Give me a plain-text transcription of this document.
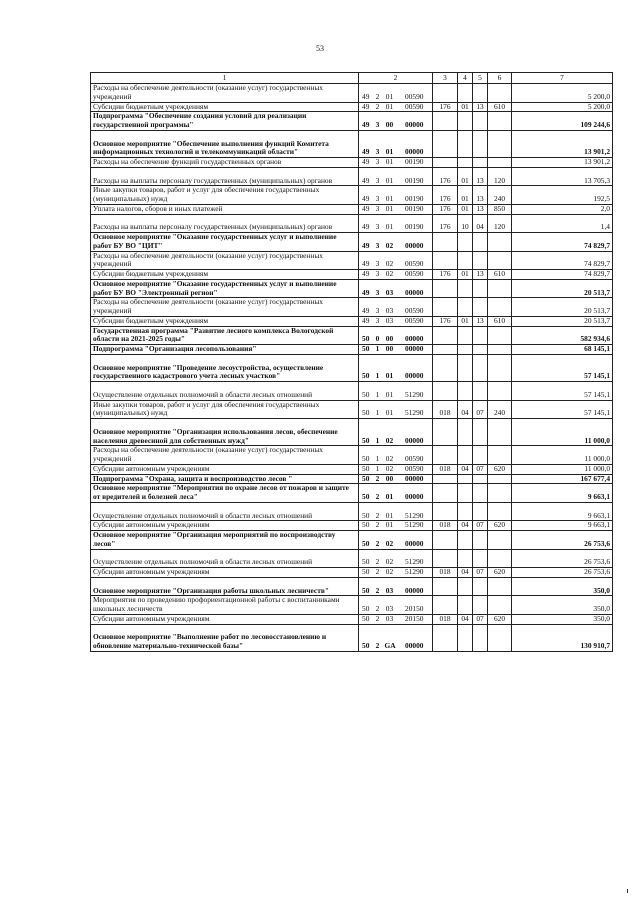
53
1	2				3	4	5	6	7
Расходы на обеспечение деятельности (оказание услуг) государственных учреждений	49	2	01	00590					5 200,0
Субсидии бюджетным учреждениям	49	2	01	00590	176	01	13	610	5 200,0
Подпрограмма "Обеспечение создания условий для реализации государственной программы"	49	3	00	00000					109 244,6
Основное мероприятие "Обеспечение выполнения функций Комитета информационных технологий и телекоммуникаций области"	49	3	01	00000					13 901,2
Расходы на обеспечение функций государственных органов	49	3	01	00190					13 901,2
Расходы на выплаты персоналу государственных (муниципальных) органов	49	3	01	00190	176	01	13	120	13 705,3
Иные закупки товаров, работ и услуг для обеспечения государственных (муниципальных) нужд	49	3	01	00190	176	01	13	240	192,5
Уплата налогов, сборов и иных платежей	49	3	01	00190	176	01	13	850	2,0
Расходы на выплаты персоналу государственных (муниципальных) органов	49	3	01	00190	176	10	04	120	1,4
Основное мероприятие "Оказание государственных услуг и выполнение работ БУ ВО "ЦИТ"	49	3	02	00000					74 829,7
Расходы на обеспечение деятельности (оказание услуг) государственных учреждений	49	3	02	00590					74 829,7
Субсидии бюджетным учреждениям	49	3	02	00590	176	01	13	610	74 829,7
Основное мероприятие "Оказание государственных услуг и выполнение работ БУ ВО "Электронный регион"	49	3	03	00000					20 513,7
Расходы на обеспечение деятельности (оказание услуг) государственных учреждений	49	3	03	00590					20 513,7
Субсидии бюджетным учреждениям	49	3	03	00590	176	01	13	610	20 513,7
Государственная программа "Развитие лесного комплекса Вологодской области на 2021-2025 годы"	50	0	00	00000					582 934,6
Подпрограмма "Организация лесопользования"	50	1	00	00000					68 145,1
Основное мероприятие "Проведение лесоустройства, осуществление государственного кадастрового учета лесных участков"	50	1	01	00000					57 145,1
Осуществление отдельных полномочий в области лесных отношений	50	1	01	51290					57 145,1
Иные закупки товаров, работ и услуг для обеспечения государственных (муниципальных) нужд	50	1	01	51290	018	04	07	240	57 145,1
Основное мероприятие "Организация использования лесов, обеспечение населения древесиной для собственных нужд"	50	1	02	00000					11 000,0
Расходы на обеспечение деятельности (оказание услуг) государственных учреждений	50	1	02	00590					11 000,0
Субсидии автономным учреждениям	50	1	02	00590	018	04	07	620	11 000,0
Подпрограмма "Охрана, защита и воспроизводство лесов "	50	2	00	00000					167 677,4
Основное мероприятие "Мероприятия по охране лесов от пожаров и защите от вредителей и болезней леса"	50	2	01	00000					9 663,1
Осуществление отдельных полномочий в области лесных отношений	50	2	01	51290					9 663,1
Субсидии автономным учреждениям	50	2	01	51290	018	04	07	620	9 663,1
Основное мероприятие "Организация мероприятий по воспроизводству лесов"	50	2	02	00000					26 753,6
Осуществление отдельных полномочий в области лесных отношений	50	2	02	51290					26 753,6
Субсидии автономным учреждениям	50	2	02	51290	018	04	07	620	26 753,6
Основное мероприятие "Организация работы школьных лесничеств"	50	2	03	00000					350,0
Мероприятия по проведению профориентационной работы с воспитанниками школьных лесничеств	50	2	03	20150					350,0
Субсидии автономным учреждениям	50	2	03	20150	018	04	07	620	350,0
Основное мероприятие "Выполнение работ по лесовосстановлению и обновление материально-технической базы"	50	2	GA	00000					130 910,7
